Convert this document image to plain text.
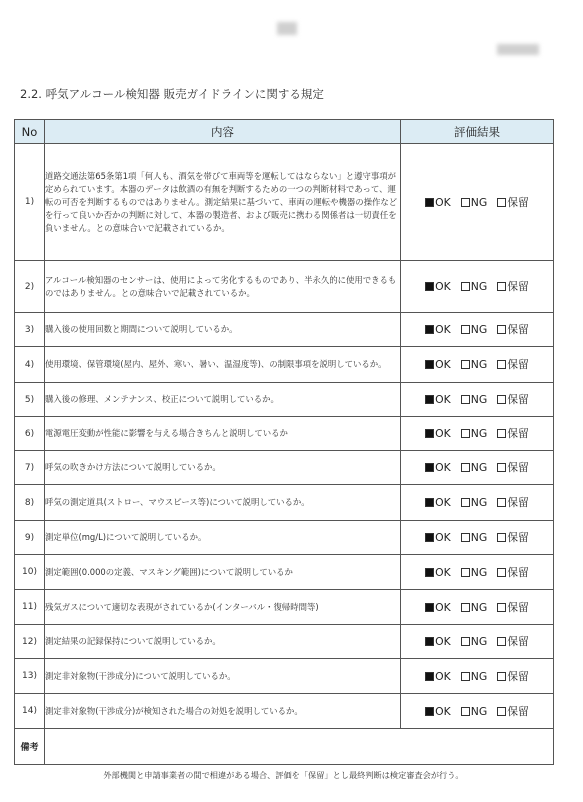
2.2. 呼気アルコール検知器 販売ガイドラインに関する規定
No	内容	評価結果
1)	道路交通法第65条第1項「何人も、酒気を帯びて車両等を運転してはならない」と遵守事項が定められています。本器のデータは飲酒の有無を判断するための一つの判断材料であって、運転の可否を判断するものではありません。測定結果に基づいて、車両の運転や機器の操作などを行って良いか否かの判断に対して、本器の製造者、および販売に携わる関係者は一切責任を負いません。との意味合いで記載されているか。	OK NG 保留
2)	アルコール検知器のセンサーは、使用によって劣化するものであり、半永久的に使用できるものではありません。との意味合いで記載されているか。	OK NG 保留
3)	購入後の使用回数と期間について説明しているか。	OK NG 保留
4)	使用環境、保管環境(屋内、屋外、寒い、暑い、温湿度等)、の制限事項を説明しているか。	OK NG 保留
5)	購入後の修理、メンテナンス、校正について説明しているか。	OK NG 保留
6)	電源電圧変動が性能に影響を与える場合きちんと説明しているか	OK NG 保留
7)	呼気の吹きかけ方法について説明しているか。	OK NG 保留
8)	呼気の測定道具(ストロー、マウスピース等)について説明しているか。	OK NG 保留
9)	測定単位(mg/L)について説明しているか。	OK NG 保留
10)	測定範囲(0.000の定義、マスキング範囲)について説明しているか	OK NG 保留
11)	残気ガスについて適切な表現がされているか(インターバル・復帰時間等)	OK NG 保留
12)	測定結果の記録保持について説明しているか。	OK NG 保留
13)	測定非対象物(干渉成分)について説明しているか。	OK NG 保留
14)	測定非対象物(干渉成分)が検知された場合の対処を説明しているか。	OK NG 保留
備考		
外部機関と申請事業者の間で相違がある場合、評価を「保留」とし最終判断は検定審査会が行う。
